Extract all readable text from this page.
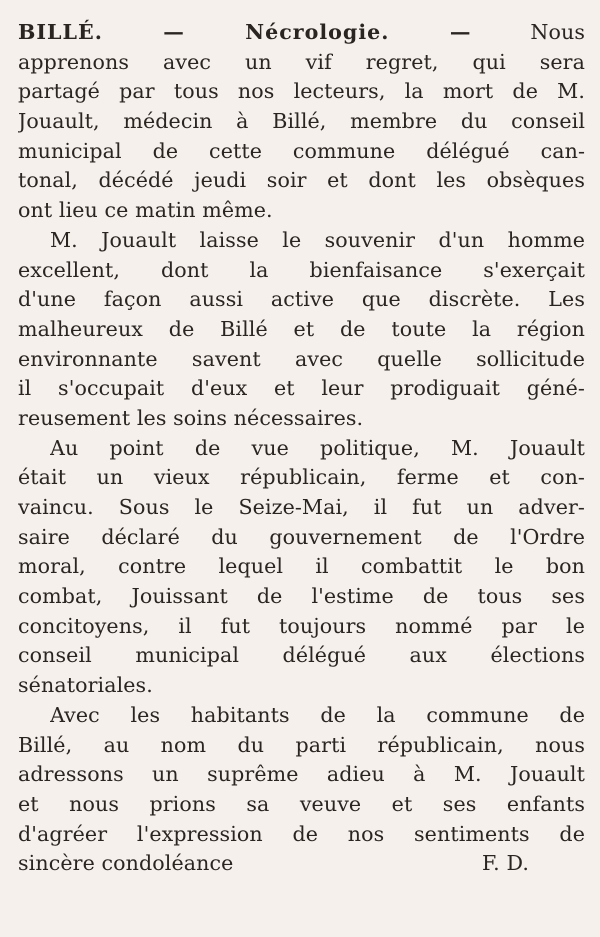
BILLÉ. — Nécrologie. —	Nous
apprenons avec un vif regret, qui sera
partagé par tous nos lecteurs, la mort de M.
Jouault, médecin à Billé, membre du conseil
municipal de cette commune délégué can-
tonal, décédé jeudi soir et dont les obsèques
ont lieu ce matin même.
M. Jouault laisse le souvenir d'un homme
excellent, dont la bienfaisance s'exerçait
d'une façon aussi active que discrète. Les
malheureux de Billé et de toute la région
environnante savent avec quelle sollicitude
il s'occupait d'eux et leur prodiguait géné-
reusement les soins nécessaires.
Au point de vue politique, M. Jouault
était un vieux républicain, ferme et con-
vaincu. Sous le Seize-Mai, il fut un adver-
saire déclaré du gouvernement de l'Ordre
moral, contre lequel il combattit le bon
combat, Jouissant de l'estime de tous ses
concitoyens, il fut toujours nommé par le
conseil municipal délégué aux élections
sénatoriales.
Avec les habitants de la commune de
Billé, au nom du parti républicain, nous
adressons un suprême adieu à M. Jouault
et nous prions sa veuve et ses enfants
d'agréer l'expression de nos sentiments de
sincère condoléance	F. D.
